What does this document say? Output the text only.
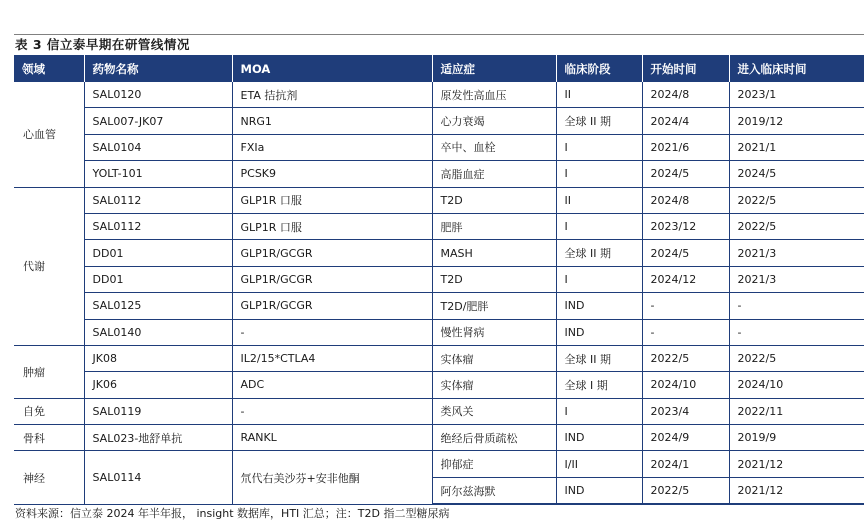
表 3 信立泰早期在研管线情况
领域	药物名称	MOA	适应症	临床阶段	开始时间	进入临床时间
心血管	SAL0120	ETA 拮抗剂	原发性高血压	II	2024/8	2023/1
	SAL007-JK07	NRG1	心力衰竭	全球 II 期	2024/4	2019/12
	SAL0104	FXIa	卒中、血栓	I	2021/6	2021/1
	YOLT-101	PCSK9	高脂血症	I	2024/5	2024/5
代谢	SAL0112	GLP1R 口服	T2D	II	2024/8	2022/5
	SAL0112	GLP1R 口服	肥胖	I	2023/12	2022/5
	DD01	GLP1R/GCGR	MASH	全球 II 期	2024/5	2021/3
	DD01	GLP1R/GCGR	T2D	I	2024/12	2021/3
	SAL0125	GLP1R/GCGR	T2D/肥胖	IND	-	-
	SAL0140	-	慢性肾病	IND	-	-
肿瘤	JK08	IL2/15*CTLA4	实体瘤	全球 II 期	2022/5	2022/5
	JK06	ADC	实体瘤	全球 I 期	2024/10	2024/10
自免	SAL0119	-	类风关	I	2023/4	2022/11
骨科	SAL023-地舒单抗	RANKL	绝经后骨质疏松	IND	2024/9	2019/9
神经	SAL0114	氘代右美沙芬+安非他酮	抑郁症	I/II	2024/1	2021/12
			阿尔兹海默	IND	2022/5	2021/12
资料来源：信立泰 2024 年半年报， insight 数据库，HTI 汇总；注：T2D 指二型糖尿病
